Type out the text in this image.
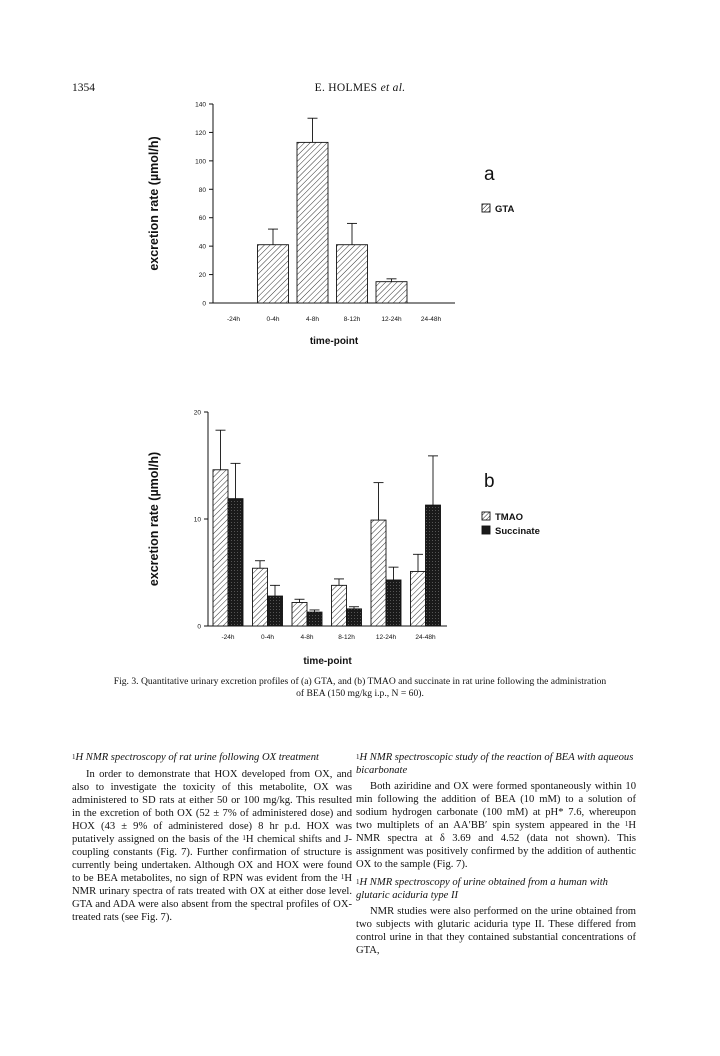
1354	E. HOLMES et al.
0
20
40
60
80
100
120
140
excretion rate (µmol/h)
-24h	0-4h	4-8h	8-12h	12-24h	24-48h
time-point
a
GTA
0
10
20
excretion rate (µmol/h)
-24h	0-4h	4-8h	8-12h	12-24h	24-48h
time-point
b
TMAO
Succinate
Fig. 3. Quantitative urinary excretion profiles of (a) GTA, and (b) TMAO and succinate in rat urine following the administration of BEA (150 mg/kg i.p., N = 60).
$^1$H NMR spectroscopy of rat urine following OX treatment

In order to demonstrate that HOX developed from OX, and also to investigate the toxicity of this metabolite, OX was administered to SD rats at either 50 or 100 mg/kg. This resulted in the excretion of both OX (52 ± 7% of administered dose) and HOX (43 ± 9% of administered dose) 8 hr p.d. HOX was putatively assigned on the basis of the $^1$H chemical shifts and J-coupling constants (Fig. 7). Further confirmation of structure is currently being undertaken. Although OX and HOX were found to be BEA metabolites, no sign of RPN was evident from the $^1$H NMR urinary spectra of rats treated with OX at either dose level. GTA and ADA were also absent from the spectral profiles of OX-treated rats (see Fig. 7).

$^1$H NMR spectroscopic study of the reaction of BEA with aqueous bicarbonate

Both aziridine and OX were formed spontaneously within 10 min following the addition of BEA (10 mM) to a solution of sodium hydrogen carbonate (100 mM) at pH* 7.6, whereupon two multiplets of an AA′BB′ spin system appeared in the $^1$H NMR spectra at δ 3.69 and 4.52 (data not shown). This assignment was positively confirmed by the addition of authentic OX to the sample (Fig. 7).

$^1$H NMR spectroscopy of urine obtained from a human with glutaric aciduria type II

NMR studies were also performed on the urine obtained from two subjects with glutaric aciduria type II. These differed from control urine in that they contained substantial concentrations of GTA,
